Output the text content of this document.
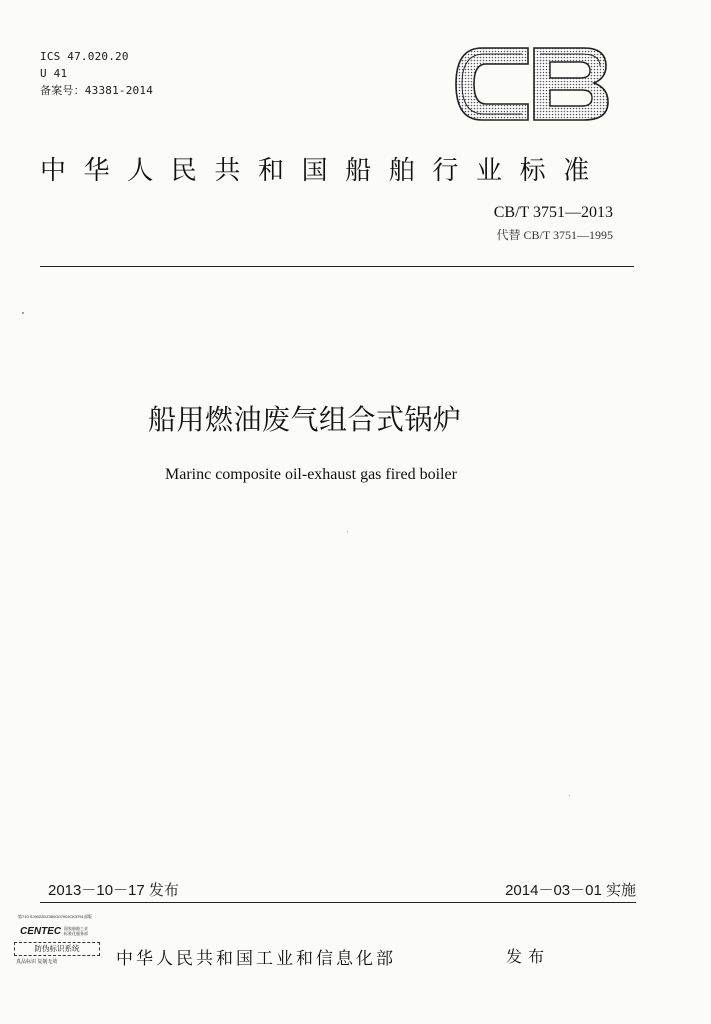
ICS 47.020.20
U 41
备案号：43381-2014
中华人民共和国船舶行业标准
CB/T 3751—2013
代替 CB/T 3751—1995
船用燃油废气组合式锅炉
Marinc composite oil-exhaust gas fired boiler
2013－10－17 发布	2014－03－01 实施
第710 SJ9022DZ350G0700JCK3751部版
CENTEC 国家船舶工业
标准化服务部
防伪标识系统
真品标识 复制无效	中华人民共和国工业和信息化部	发布
